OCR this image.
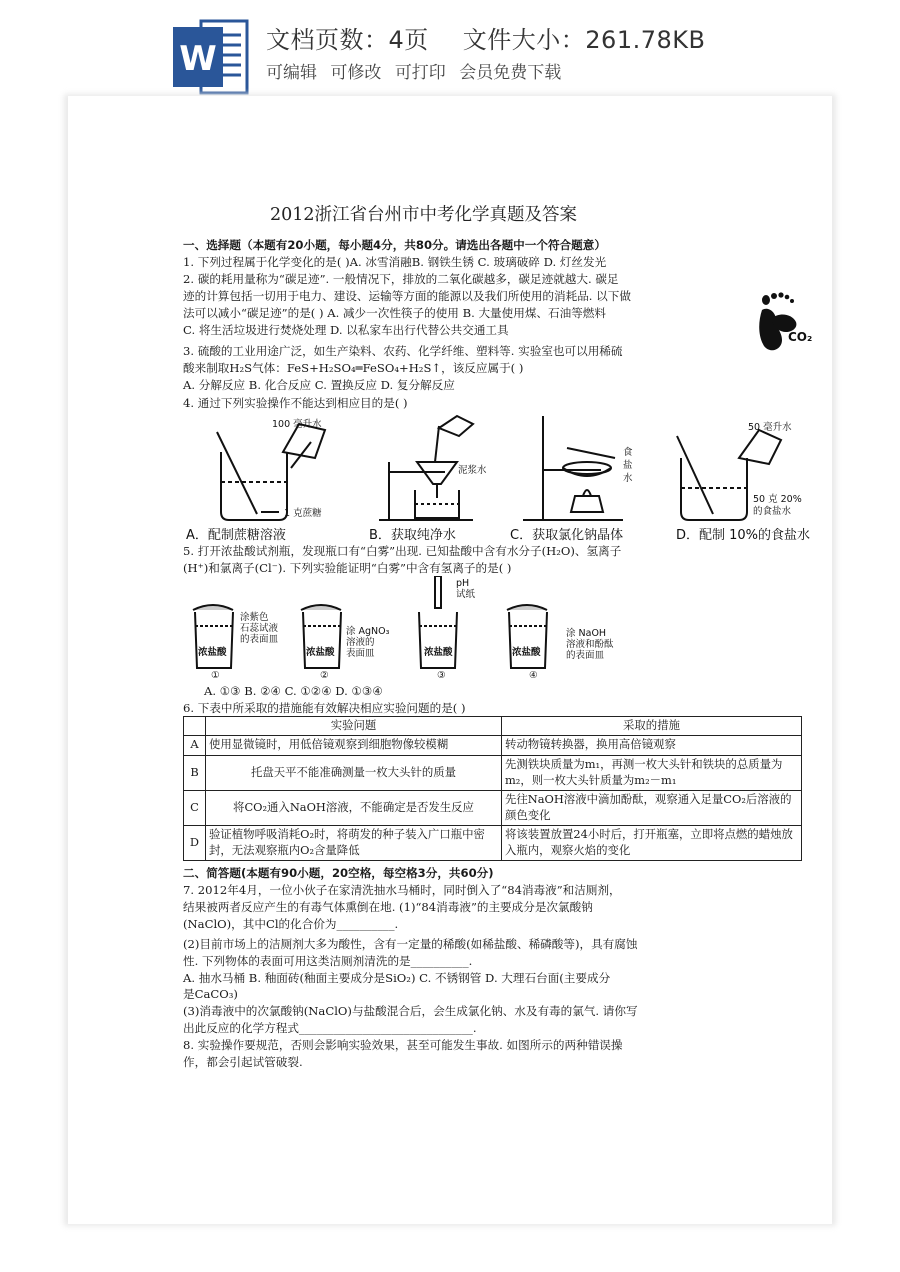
W 文档页数：4页 文件大小：261.78KB
可编辑 可修改 可打印 会员免费下载
2012浙江省台州市中考化学真题及答案
一、选择题（本题有20小题，每小题4分，共80分。请选出各题中一个符合题意）
1. 下列过程属于化学变化的是( )A. 冰雪消融B. 钢铁生锈 C. 玻璃破碎 D. 灯丝发光
2. 碳的耗用量称为“碳足迹”. 一般情况下，排放的二氧化碳越多，碳足迹就越大. 碳足
迹的计算包括一切用于电力、建设、运输等方面的能源以及我们所使用的消耗品. 以下做
法可以减小“碳足迹”的是( ) A. 减少一次性筷子的使用 B. 大量使用煤、石油等燃料
C. 将生活垃圾进行焚烧处理 D. 以私家车出行代替公共交通工具	CO₂
3. 硫酸的工业用途广泛，如生产染料、农药、化学纤维、塑料等. 实验室也可以用稀硫
酸来制取H₂S气体：FeS+H₂SO₄═FeSO₄+H₂S↑，该反应属于( )
A. 分解反应 B. 化合反应 C. 置换反应 D. 复分解反应
4. 通过下列实验操作不能达到相应目的是( )
100 毫升水
1 克蔗糖
泥浆水
食
盐
水
50 毫升水
50 克 20%
的食盐水
A．配制蔗糖溶液	B．获取纯净水	C．获取氯化钠晶体	D．配制 10%的食盐水
5. 打开浓盐酸试剂瓶，发现瓶口有“白雾”出现. 已知盐酸中含有水分子(H₂O)、氢离子
(H⁺)和氯离子(Cl⁻). 下列实验能证明“白雾”中含有氢离子的是( )
浓盐酸	浓盐酸	浓盐酸	浓盐酸
涂紫色
石蕊试液
的表面皿
涂 AgNO₃
溶液的
表面皿
pH
试纸
涂 NaOH
溶液和酚酞
的表面皿
①	②	③	④
A. ①③ B. ②④ C. ①②④ D. ①③④
6. 下表中所采取的措施能有效解决相应实验问题的是( )
	实验问题	采取的措施
A	使用显微镜时，用低倍镜观察到细胞物像较模糊	转动物镜转换器，换用高倍镜观察
B	托盘天平不能准确测量一枚大头针的质量	先测铁块质量为m₁，再测一枚大头针和铁块的总质量为m₂，则一枚大头针质量为m₂－m₁
C	将CO₂通入NaOH溶液，不能确定是否发生反应	先往NaOH溶液中滴加酚酞，观察通入足量CO₂后溶液的颜色变化
D	验证植物呼吸消耗O₂时，将萌发的种子装入广口瓶中密封，无法观察瓶内O₂含量降低	将该装置放置24小时后，打开瓶塞，立即将点燃的蜡烛放入瓶内，观察火焰的变化
二、简答题(本题有90小题，20空格，每空格3分，共60分)
7. 2012年4月，一位小伙子在家清洗抽水马桶时，同时倒入了“84消毒液”和洁厕剂，
结果被两者反应产生的有毒气体熏倒在地. (1)“84消毒液”的主要成分是次氯酸钠
(NaClO)，其中Cl的化合价为__________.
(2)目前市场上的洁厕剂大多为酸性，含有一定量的稀酸(如稀盐酸、稀磷酸等)，具有腐蚀
性. 下列物体的表面可用这类洁厕剂清洗的是__________.
A. 抽水马桶 B. 釉面砖(釉面主要成分是SiO₂) C. 不锈钢管 D. 大理石台面(主要成分
是CaCO₃)
(3)消毒液中的次氯酸钠(NaClO)与盐酸混合后，会生成氯化钠、水及有毒的氯气. 请你写
出此反应的化学方程式______________________________.
8. 实验操作要规范，否则会影响实验效果，甚至可能发生事故. 如图所示的两种错误操
作，都会引起试管破裂.
